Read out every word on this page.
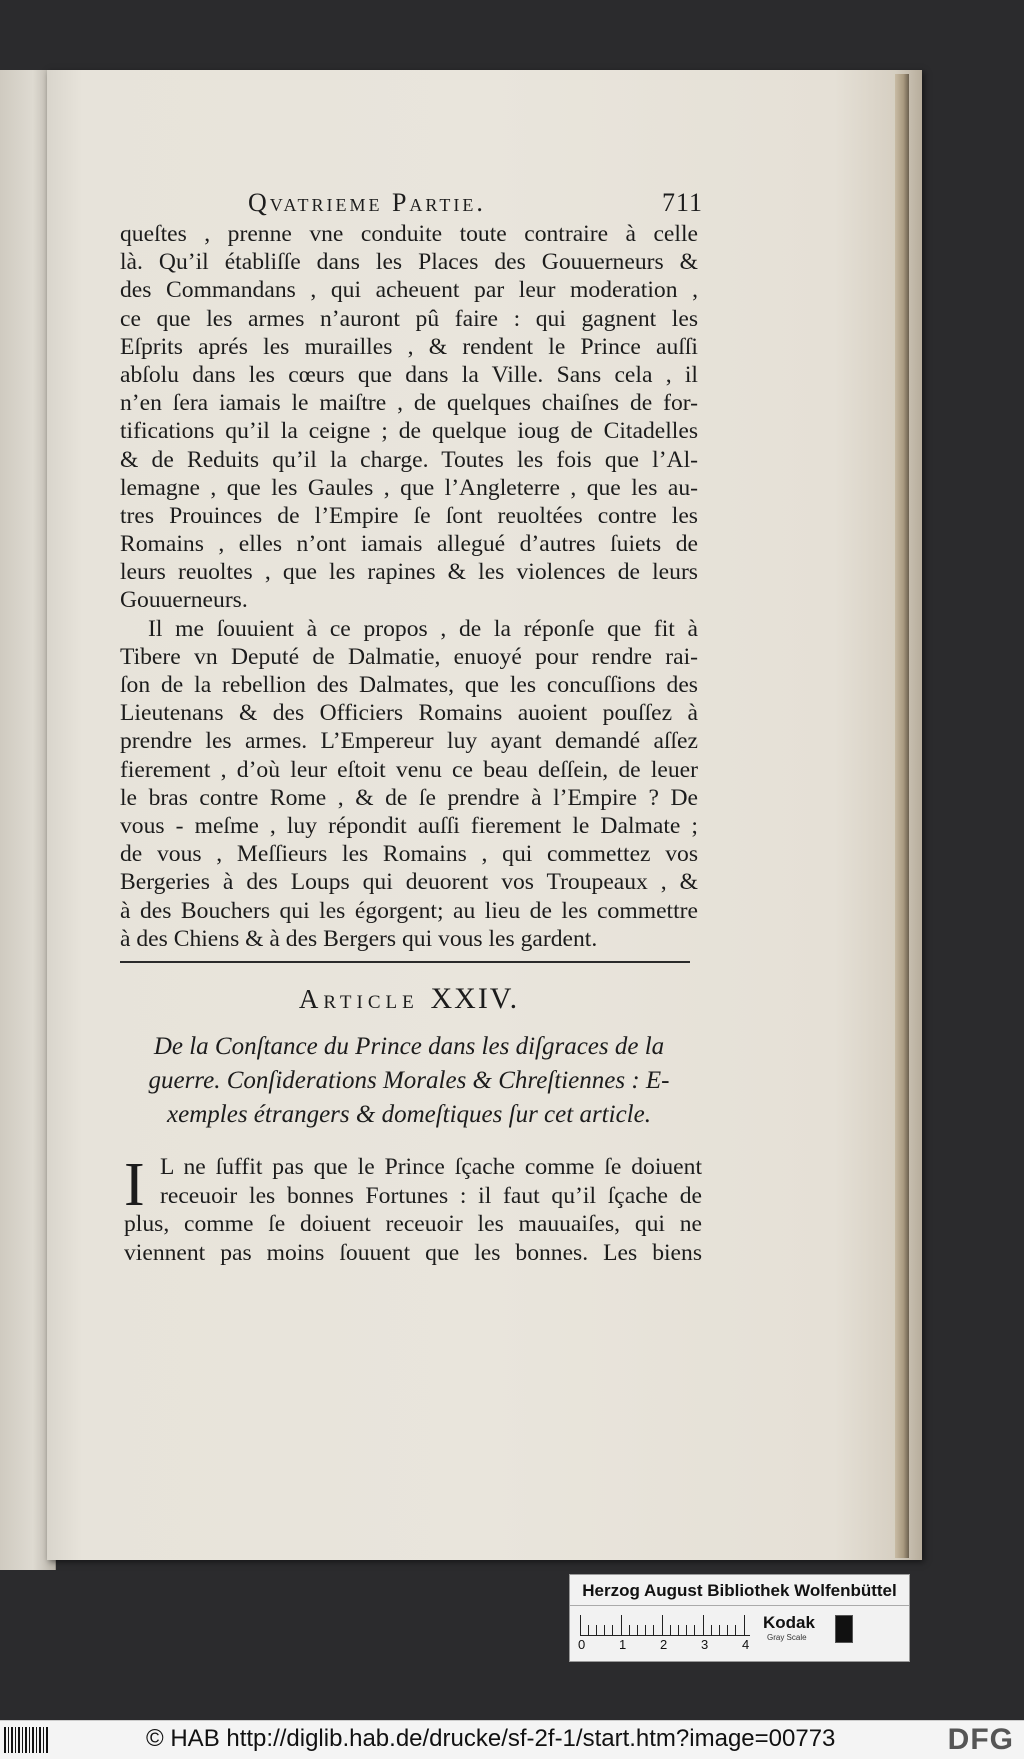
Qvatrieme Partie.	711
queſtes , prenne vne conduite toute contraire à celle
là. Qu’il établiſſe dans les Places des Gouuerneurs &
des Commandans , qui acheuent par leur moderation ,
ce que les armes n’auront pû faire : qui gagnent les
Eſprits aprés les murailles , & rendent le Prince auſſi
abſolu dans les cœurs que dans la Ville. Sans cela , il
n’en ſera iamais le maiſtre , de quelques chaiſnes de for-
tifications qu’il la ceigne ; de quelque ioug de Citadelles
& de Reduits qu’il la charge. Toutes les fois que l’Al-
lemagne , que les Gaules , que l’Angleterre , que les au-
tres Prouinces de l’Empire ſe ſont reuoltées contre les
Romains , elles n’ont iamais allegué d’autres ſuiets de
leurs reuoltes , que les rapines & les violences de leurs
Gouuerneurs.
Il me ſouuient à ce propos , de la réponſe que fit à
Tibere vn Deputé de Dalmatie, enuoyé pour rendre rai-
ſon de la rebellion des Dalmates, que les concuſſions des
Lieutenans & des Officiers Romains auoient pouſſez à
prendre les armes. L’Empereur luy ayant demandé aſſez
fierement , d’où leur eſtoit venu ce beau deſſein, de leuer
le bras contre Rome , & de ſe prendre à l’Empire ? De
vous - meſme , luy répondit auſſi fierement le Dalmate ;
de vous , Meſſieurs les Romains , qui commettez vos
Bergeries à des Loups qui deuorent vos Troupeaux , &
à des Bouchers qui les égorgent; au lieu de les commettre
à des Chiens & à des Bergers qui vous les gardent.
Article XXIV.
De la Conſtance du Prince dans les diſgraces de la
guerre. Conſiderations Morales & Chreſtiennes : E-
xemples étrangers & domeſtiques ſur cet article.
I L ne ſuffit pas que le Prince ſçache comme ſe doiuent
receuoir les bonnes Fortunes : il faut qu’il ſçache de
plus, comme ſe doiuent receuoir les mauuaiſes, qui ne
viennent pas moins ſouuent que les bonnes. Les biens
Herzog August Bibliothek Wolfenbüttel
0	1	2	3	4
Kodak
Gray Scale
© HAB http://diglib.hab.de/drucke/sf-2f-1/start.htm?image=00773	DFG
